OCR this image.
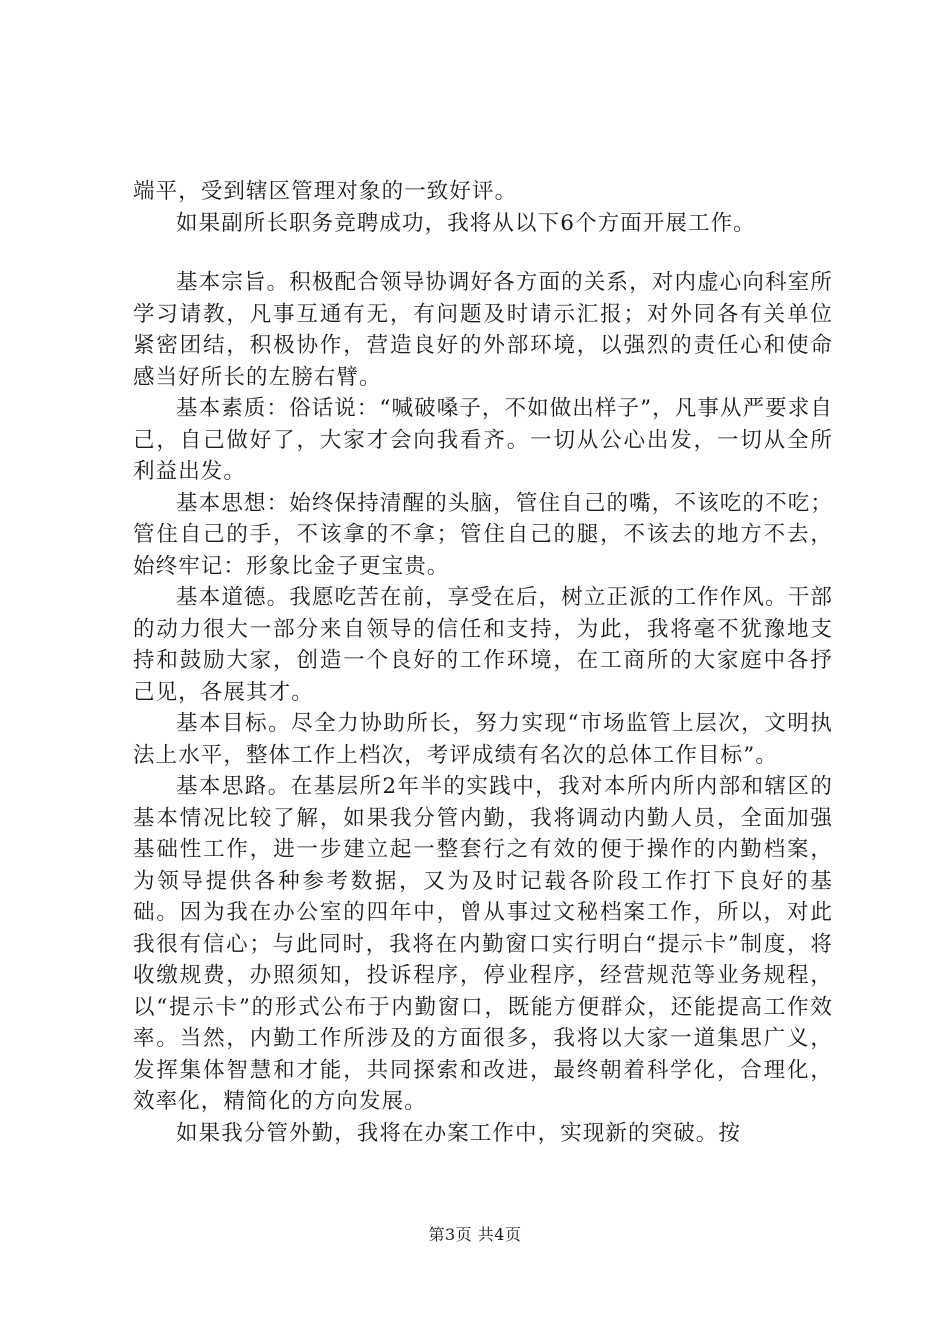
端平，受到辖区管理对象的一致好评。

如果副所长职务竞聘成功，我将从以下6个方面开展工作。

基本宗旨。积极配合领导协调好各方面的关系，对内虚心向科室所学习请教，凡事互通有无，有问题及时请示汇报；对外同各有关单位紧密团结，积极协作，营造良好的外部环境，以强烈的责任心和使命感当好所长的左膀右臂。

基本素质：俗话说：“喊破嗓子，不如做出样子”，凡事从严要求自己，自己做好了，大家才会向我看齐。一切从公心出发，一切从全所利益出发。

基本思想：始终保持清醒的头脑，管住自己的嘴，不该吃的不吃；管住自己的手，不该拿的不拿；管住自己的腿，不该去的地方不去，始终牢记：形象比金子更宝贵。

基本道德。我愿吃苦在前，享受在后，树立正派的工作作风。干部的动力很大一部分来自领导的信任和支持，为此，我将毫不犹豫地支持和鼓励大家，创造一个良好的工作环境，在工商所的大家庭中各抒己见，各展其才。

基本目标。尽全力协助所长，努力实现“市场监管上层次，文明执法上水平，整体工作上档次，考评成绩有名次的总体工作目标”。

基本思路。在基层所2年半的实践中，我对本所内所内部和辖区的基本情况比较了解，如果我分管内勤，我将调动内勤人员，全面加强基础性工作，进一步建立起一整套行之有效的便于操作的内勤档案，为领导提供各种参考数据，又为及时记载各阶段工作打下良好的基础。因为我在办公室的四年中，曾从事过文秘档案工作，所以，对此我很有信心；与此同时，我将在内勤窗口实行明白“提示卡”制度，将收缴规费，办照须知，投诉程序，停业程序，经营规范等业务规程，以“提示卡”的形式公布于内勤窗口，既能方便群众，还能提高工作效率。当然，内勤工作所涉及的方面很多，我将以大家一道集思广义，发挥集体智慧和才能，共同探索和改进，最终朝着科学化，合理化，效率化，精简化的方向发展。

如果我分管外勤，我将在办案工作中，实现新的突破。按

第3页 共4页
